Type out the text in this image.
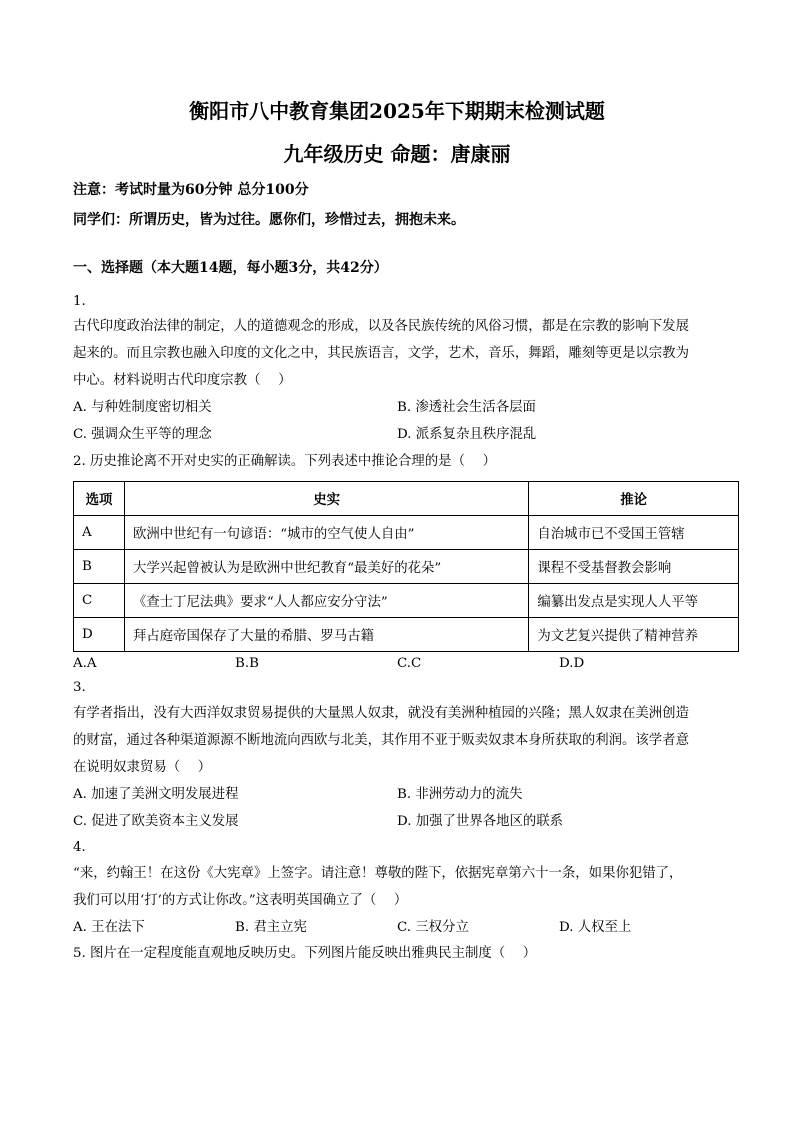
衡阳市八中教育集团2025年下期期末检测试题
九年级历史 命题：唐康丽
注意：考试时量为60分钟 总分100分
同学们：所谓历史，皆为过往。愿你们，珍惜过去，拥抱未来。
一、选择题（本大题14题，每小题3分，共42分）
1.
古代印度政治法律的制定，人的道德观念的形成，以及各民族传统的风俗习惯，都是在宗教的影响下发展
起来的。而且宗教也融入印度的文化之中，其民族语言，文学，艺术，音乐，舞蹈，雕刻等更是以宗教为
中心。材料说明古代印度宗教（　 ）
A. 与种姓制度密切相关	B. 渗透社会生活各层面
C. 强调众生平等的理念	D. 派系复杂且秩序混乱
2. 历史推论离不开对史实的正确解读。下列表述中推论合理的是（　 ）
选项	史实	推论
A	欧洲中世纪有一句谚语：“城市的空气使人自由”	自治城市已不受国王管辖
B	大学兴起曾被认为是欧洲中世纪教育“最美好的花朵”	课程不受基督教会影响
C	《查士丁尼法典》要求“人人都应安分守法”	编纂出发点是实现人人平等
D	拜占庭帝国保存了大量的希腊、罗马古籍	为文艺复兴提供了精神营养
A.A	B.B	C.C	D.D
3.
有学者指出，没有大西洋奴隶贸易提供的大量黑人奴隶，就没有美洲种植园的兴隆；黑人奴隶在美洲创造
的财富，通过各种渠道源源不断地流向西欧与北美，其作用不亚于贩卖奴隶本身所获取的利润。该学者意
在说明奴隶贸易（　 ）
A. 加速了美洲文明发展进程	B. 非洲劳动力的流失
C. 促进了欧美资本主义发展	D. 加强了世界各地区的联系
4.
“来，约翰王！在这份《大宪章》上签字。请注意！尊敬的陛下，依据宪章第六十一条，如果你犯错了，
我们可以用‘打’的方式让你改。”这表明英国确立了（　 ）
A. 王在法下	B. 君主立宪	C. 三权分立	D. 人权至上
5. 图片在一定程度能直观地反映历史。下列图片能反映出雅典民主制度（　 ）
